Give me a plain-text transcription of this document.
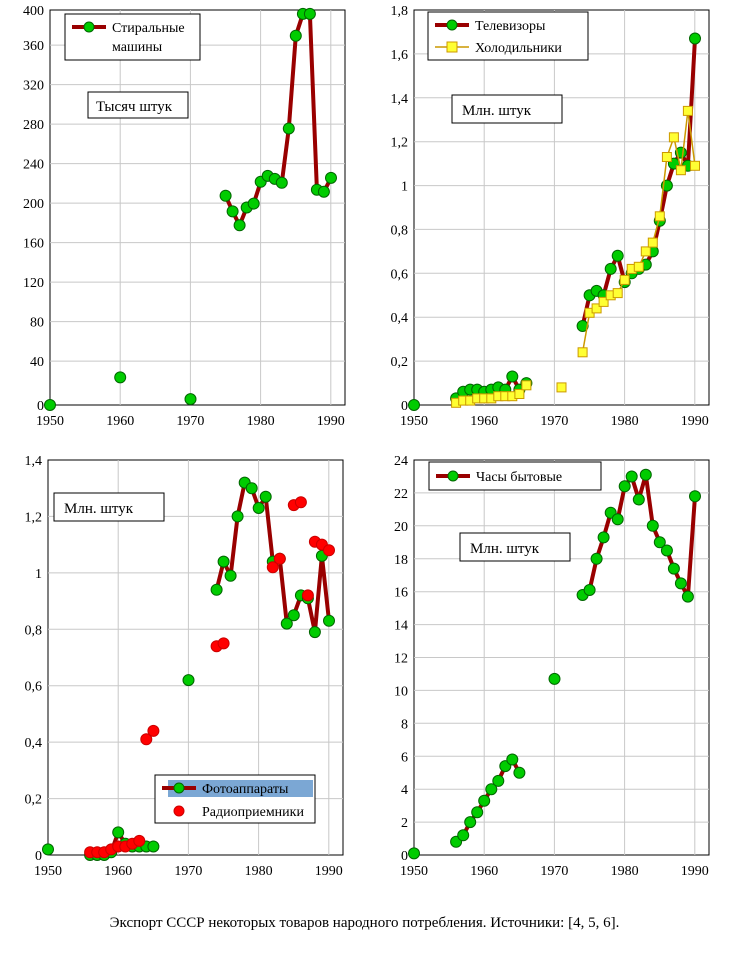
0
40
80
120
160
200
240
280
320
360
400
1950	1960	1970	1980	1990
Стиральные
машины
Тысяч штук
0
0,2
0,4
0,6
0,8
1
1,2
1,4
1,6
1,8
1950	1960	1970	1980	1990
Телевизоры
Холодильники
Млн. штук
0
0,2
0,4
0,6
0,8
1
1,2
1,4
1950	1960	1970	1980	1990
Фотоаппараты
Радиоприемники
Млн. штук
0
2
4
6
8
10
12
14
16
18
20
22
24
1950	1960	1970	1980	1990
Часы бытовые
Млн. штук
Экспорт СССР некоторых товаров народного потребления. Источники: [4, 5, 6].
